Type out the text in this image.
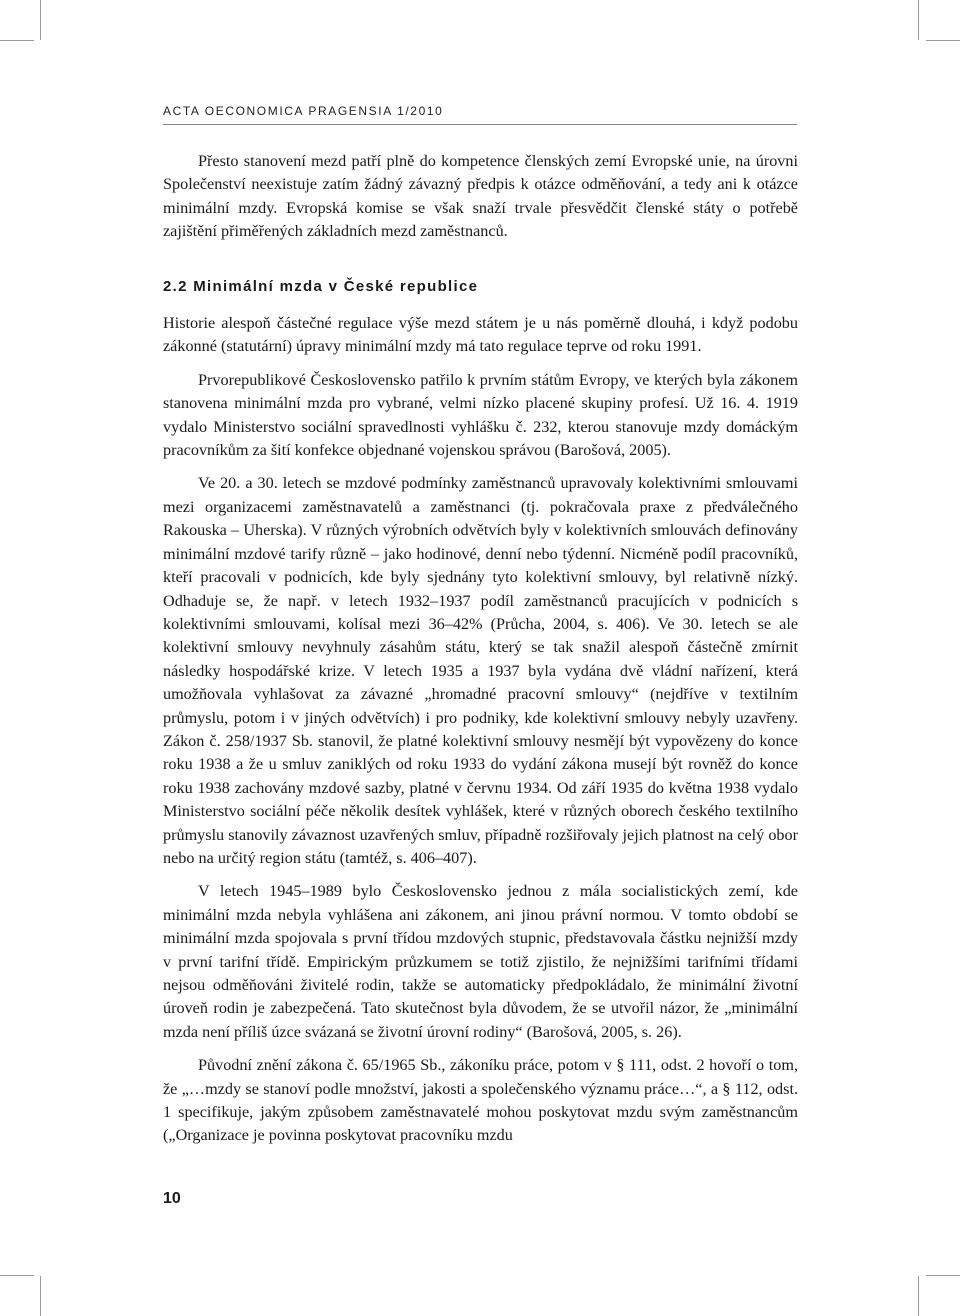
ACTA OECONOMICA PRAGENSIA 1/2010

Přesto stanovení mezd patří plně do kompetence členských zemí Evropské unie, na úrovni Společenství neexistuje zatím žádný závazný předpis k otázce odměňování, a tedy ani k otázce minimální mzdy. Evropská komise se však snaží trvale přesvědčit členské státy o potřebě zajištění přiměřených základních mezd zaměstnanců.

2.2 Minimální mzda v České republice

Historie alespoň částečné regulace výše mezd státem je u nás poměrně dlouhá, i když podobu zákonné (statutární) úpravy minimální mzdy má tato regulace teprve od roku 1991.

Prvorepublikové Československo patřilo k prvním státům Evropy, ve kterých byla zákonem stanovena minimální mzda pro vybrané, velmi nízko placené skupiny profesí. Už 16. 4. 1919 vydalo Ministerstvo sociální spravedlnosti vyhlášku č. 232, kterou stanovuje mzdy domáckým pracovníkům za šití konfekce objednané vojenskou správou (Barošová, 2005).

Ve 20. a 30. letech se mzdové podmínky zaměstnanců upravovaly kolektivními smlouvami mezi organizacemi zaměstnavatelů a zaměstnanci (tj. pokračovala praxe z předválečného Rakouska – Uherska). V různých výrobních odvětvích byly v kolektivních smlouvách definovány minimální mzdové tarify různě – jako hodinové, denní nebo týdenní. Nicméně podíl pracovníků, kteří pracovali v podnicích, kde byly sjednány tyto kolektivní smlouvy, byl relativně nízký. Odhaduje se, že např. v letech 1932–1937 podíl zaměstnanců pracujících v podnicích s kolektivními smlouvami, kolísal mezi 36–42% (Průcha, 2004, s. 406). Ve 30. letech se ale kolektivní smlouvy nevyhnuly zásahům státu, který se tak snažil alespoň částečně zmírnit následky hospodářské krize. V letech 1935 a 1937 byla vydána dvě vládní nařízení, která umožňovala vyhlašovat za závazné „hromadné pracovní smlouvy“ (nejdříve v textilním průmyslu, potom i v jiných odvětvích) i pro podniky, kde kolektivní smlouvy nebyly uzavřeny. Zákon č. 258/1937 Sb. stanovil, že platné kolektivní smlouvy nesmějí být vypovězeny do konce roku 1938 a že u smluv zaniklých od roku 1933 do vydání zákona musejí být rovněž do konce roku 1938 zachovány mzdové sazby, platné v červnu 1934. Od září 1935 do května 1938 vydalo Ministerstvo sociální péče několik desítek vyhlášek, které v různých oborech českého textilního průmyslu stanovily závaznost uzavřených smluv, případně rozšiřovaly jejich platnost na celý obor nebo na určitý region státu (tamtéž, s. 406–407).

V letech 1945–1989 bylo Československo jednou z mála socialistických zemí, kde minimální mzda nebyla vyhlášena ani zákonem, ani jinou právní normou. V tomto období se minimální mzda spojovala s první třídou mzdových stupnic, představovala částku nejnižší mzdy v první tarifní třídě. Empirickým průzkumem se totiž zjistilo, že nejnižšími tarifními třídami nejsou odměňováni živitelé rodin, takže se automaticky předpokládalo, že minimální životní úroveň rodin je zabezpečená. Tato skutečnost byla důvodem, že se utvořil názor, že „minimální mzda není příliš úzce svázaná se životní úrovní rodiny“ (Barošová, 2005, s. 26).

Původní znění zákona č. 65/1965 Sb., zákoníku práce, potom v § 111, odst. 2 hovoří o tom, že „…mzdy se stanoví podle množství, jakosti a společenského významu práce…“, a § 112, odst. 1 specifikuje, jakým způsobem zaměstnavatelé mohou poskytovat mzdu svým zaměstnancům („Organizace je povinna poskytovat pracovníku mzdu

10
